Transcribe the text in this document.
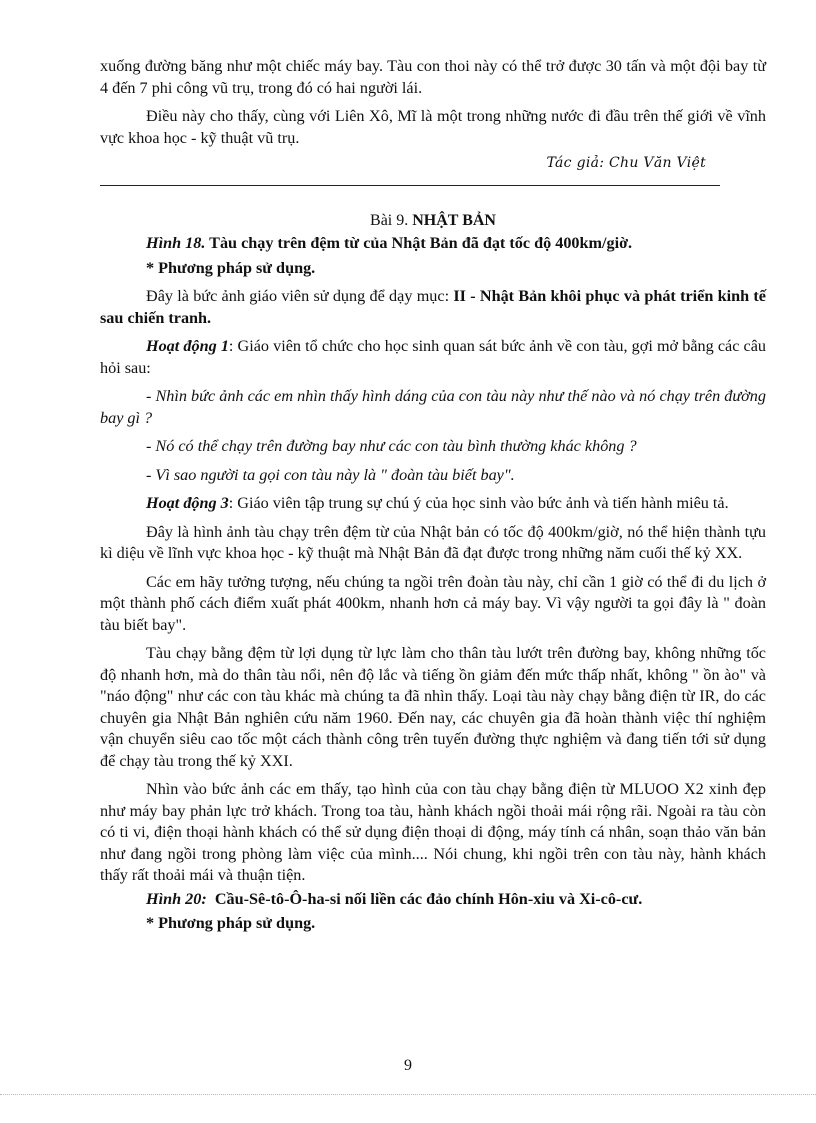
xuống đường băng như một chiếc máy bay. Tàu con thoi này có thể trở được 30 tấn và một đội bay từ 4 đến 7 phi công vũ trụ, trong đó có hai người lái.

Điều này cho thấy, cùng với Liên Xô, Mĩ là một trong những nước đi đầu trên thế giới về vĩnh vực khoa học - kỹ thuật vũ trụ.

Tác giả: Chu Văn Việt

Bài 9. NHẬT BẢN

Hình 18. Tàu chạy trên đệm từ của Nhật Bản đã đạt tốc độ 400km/giờ.

* Phương pháp sử dụng.

Đây là bức ảnh giáo viên sử dụng để dạy mục: II - Nhật Bản khôi phục và phát triển kinh tế sau chiến tranh.

Hoạt động 1: Giáo viên tổ chức cho học sinh quan sát bức ảnh về con tàu, gợi mở bằng các câu hỏi sau:

- Nhìn bức ảnh các em nhìn thấy hình dáng của con tàu này như thế nào và nó chạy trên đường bay gì ?

- Nó có thể chạy trên đường bay như các con tàu bình thường khác không ?

- Vì sao người ta gọi con tàu này là " đoàn tàu biết bay".

Hoạt động 3: Giáo viên tập trung sự chú ý của học sinh vào bức ảnh và tiến hành miêu tả.

Đây là hình ảnh tàu chạy trên đệm từ của Nhật bản có tốc độ 400km/giờ, nó thể hiện thành tựu kì diệu về lĩnh vực khoa học - kỹ thuật mà Nhật Bản đã đạt được trong những năm cuối thế kỷ XX.

Các em hãy tưởng tượng, nếu chúng ta ngồi trên đoàn tàu này, chỉ cần 1 giờ có thể đi du lịch ở một thành phố cách điểm xuất phát 400km, nhanh hơn cả máy bay. Vì vậy người ta gọi đây là " đoàn tàu biết bay".

Tàu chạy bằng đệm từ lợi dụng từ lực làm cho thân tàu lướt trên đường bay, không những tốc độ nhanh hơn, mà do thân tàu nổi, nên độ lắc và tiếng ồn giảm đến mức thấp nhất, không " ồn ào" và "náo động" như các con tàu khác mà chúng ta đã nhìn thấy. Loại tàu này chạy bằng điện từ IR, do các chuyên gia Nhật Bản nghiên cứu năm 1960. Đến nay, các chuyên gia đã hoàn thành việc thí nghiệm vận chuyển siêu cao tốc một cách thành công trên tuyến đường thực nghiệm và đang tiến tới sử dụng để chạy tàu trong thế kỷ XXI.

Nhìn vào bức ảnh các em thấy, tạo hình của con tàu chạy bằng điện từ MLUOO X2 xinh đẹp như máy bay phản lực trở khách. Trong toa tàu, hành khách ngồi thoải mái rộng rãi. Ngoài ra tàu còn có ti vi, điện thoại hành khách có thể sử dụng điện thoại di động, máy tính cá nhân, soạn thảo văn bản như đang ngồi trong phòng làm việc của mình.... Nói chung, khi ngồi trên con tàu này, hành khách thấy rất thoải mái và thuận tiện.

Hình 20: Cầu-Sê-tô-Ô-ha-si nối liền các đảo chính Hôn-xiu và Xi-cô-cư.

* Phương pháp sử dụng.

9
